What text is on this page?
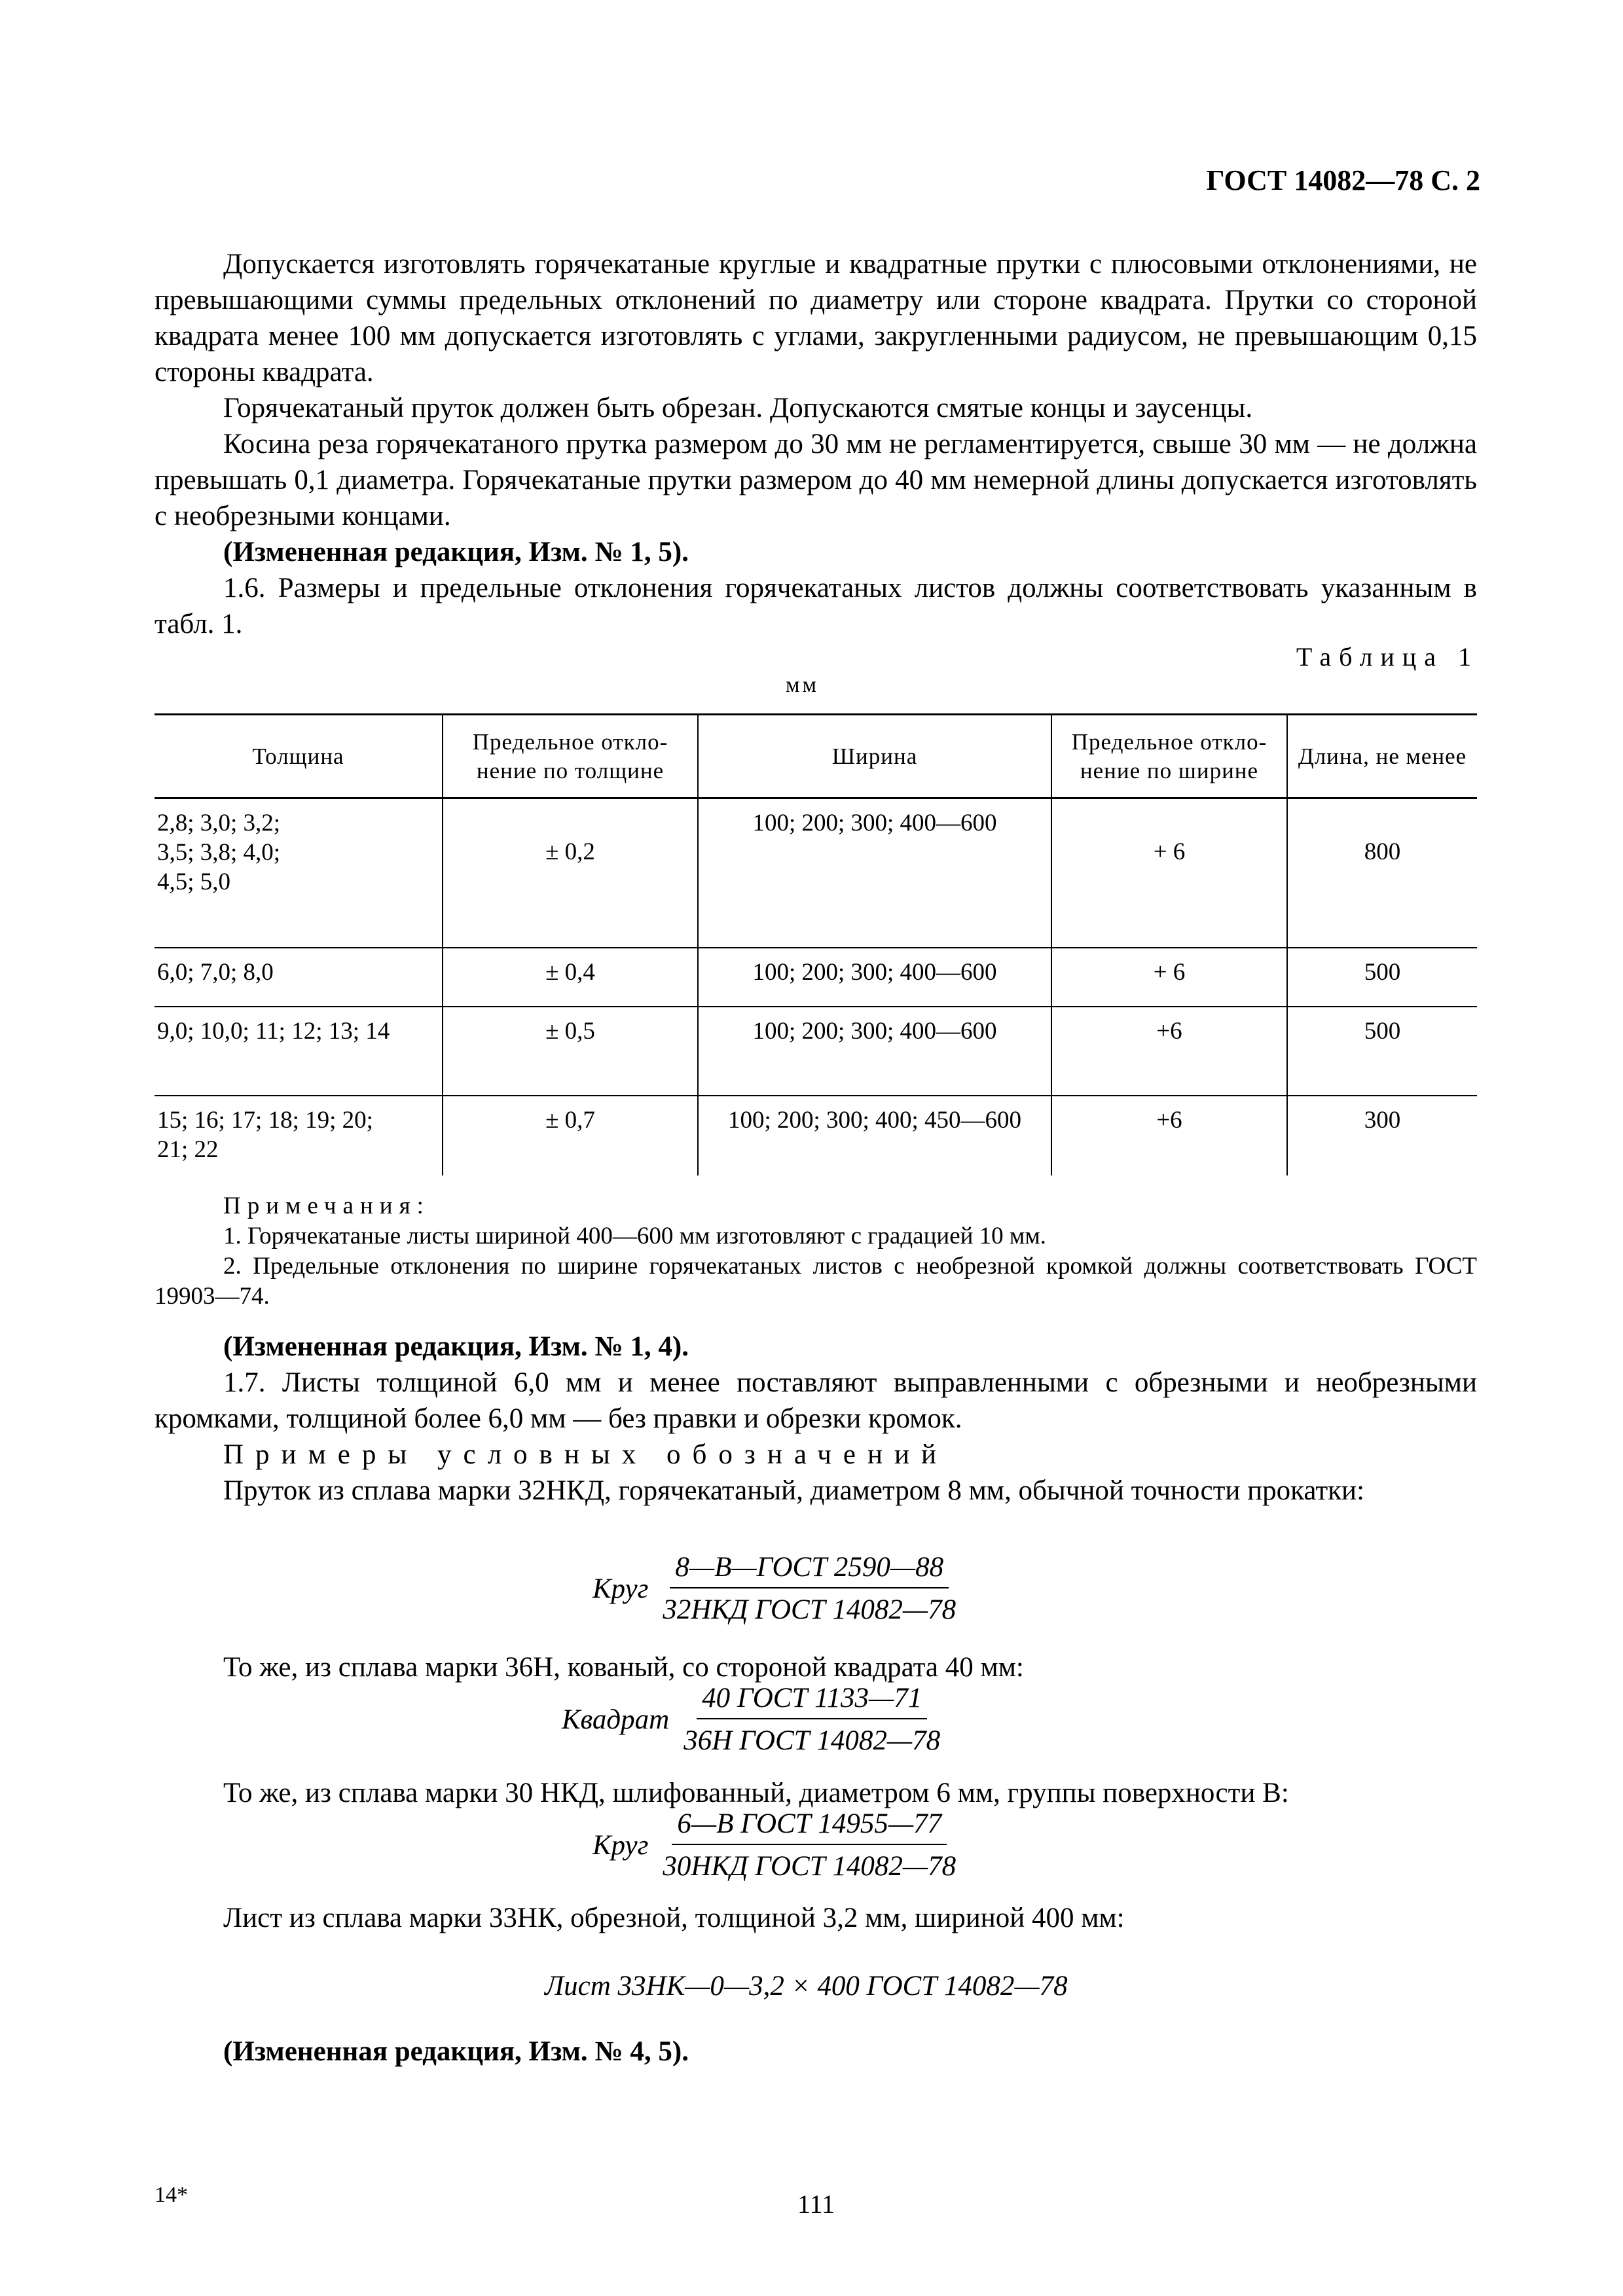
ГОСТ 14082—78 С. 2

Допускается изготовлять горячекатаные круглые и квадратные прутки с плюсовыми отклонениями, не превышающими суммы предельных отклонений по диаметру или стороне квадрата. Прутки со стороной квадрата менее 100 мм допускается изготовлять с углами, закругленными радиусом, не превышающим 0,15 стороны квадрата.

Горячекатаный пруток должен быть обрезан. Допускаются смятые концы и заусенцы.

Косина реза горячекатаного прутка размером до 30 мм не регламентируется, свыше 30 мм — не должна превышать 0,1 диаметра. Горячекатаные прутки размером до 40 мм немерной длины допускается изготовлять с необрезными концами.

(Измененная редакция, Изм. № 1, 5).

1.6. Размеры и предельные отклонения горячекатаных листов должны соответствовать указанным в табл. 1.

Таблица 1
мм
Толщина	Предельное откло-нение по толщине	Ширина	Предельное откло-нение по ширине	Длина, не менее

2,8; 3,0; 3,2; 3,5; 3,8; 4,0; 4,5; 5,0	± 0,2	100; 200; 300; 400—600	+ 6	800
6,0; 7,0; 8,0	± 0,4	100; 200; 300; 400—600	+ 6	500

9,0; 10,0; 11; 12; 13; 14	± 0,5	100; 200; 300; 400—600	+6	500

15; 16; 17; 18; 19; 20; 21; 22	± 0,7	100; 200; 300; 400; 450—600	+6	300

Примечания:

1. Горячекатаные листы шириной 400—600 мм изготовляют с градацией 10 мм.

2. Предельные отклонения по ширине горячекатаных листов с необрезной кромкой должны соответствовать ГОСТ 19903—74.

(Измененная редакция, Изм. № 1, 4).

1.7. Листы толщиной 6,0 мм и менее поставляют выправленными с обрезными и необрезными кромками, толщиной более 6,0 мм — без правки и обрезки кромок.

Примеры условных обозначений

Пруток из сплава марки 32НКД, горячекатаный, диаметром 8 мм, обычной точности прокатки:

Круг $\frac{\text{8—В—ГОСТ 2590—88}}{\text{32НКД ГОСТ 14082—78}}$

То же, из сплава марки 36Н, кованый, со стороной квадрата 40 мм:

Квадрат $\frac{\text{40 ГОСТ 1133—71}}{\text{36Н ГОСТ 14082—78}}$

То же, из сплава марки 30 НКД, шлифованный, диаметром 6 мм, группы поверхности В:

Круг $\frac{\text{6—В ГОСТ 14955—77}}{\text{30НКД ГОСТ 14082—78}}$

Лист из сплава марки 33НК, обрезной, толщиной 3,2 мм, шириной 400 мм:

Лист 33НК—0—3,2 × 400 ГОСТ 14082—78

(Измененная редакция, Изм. № 4, 5).

14*	111
